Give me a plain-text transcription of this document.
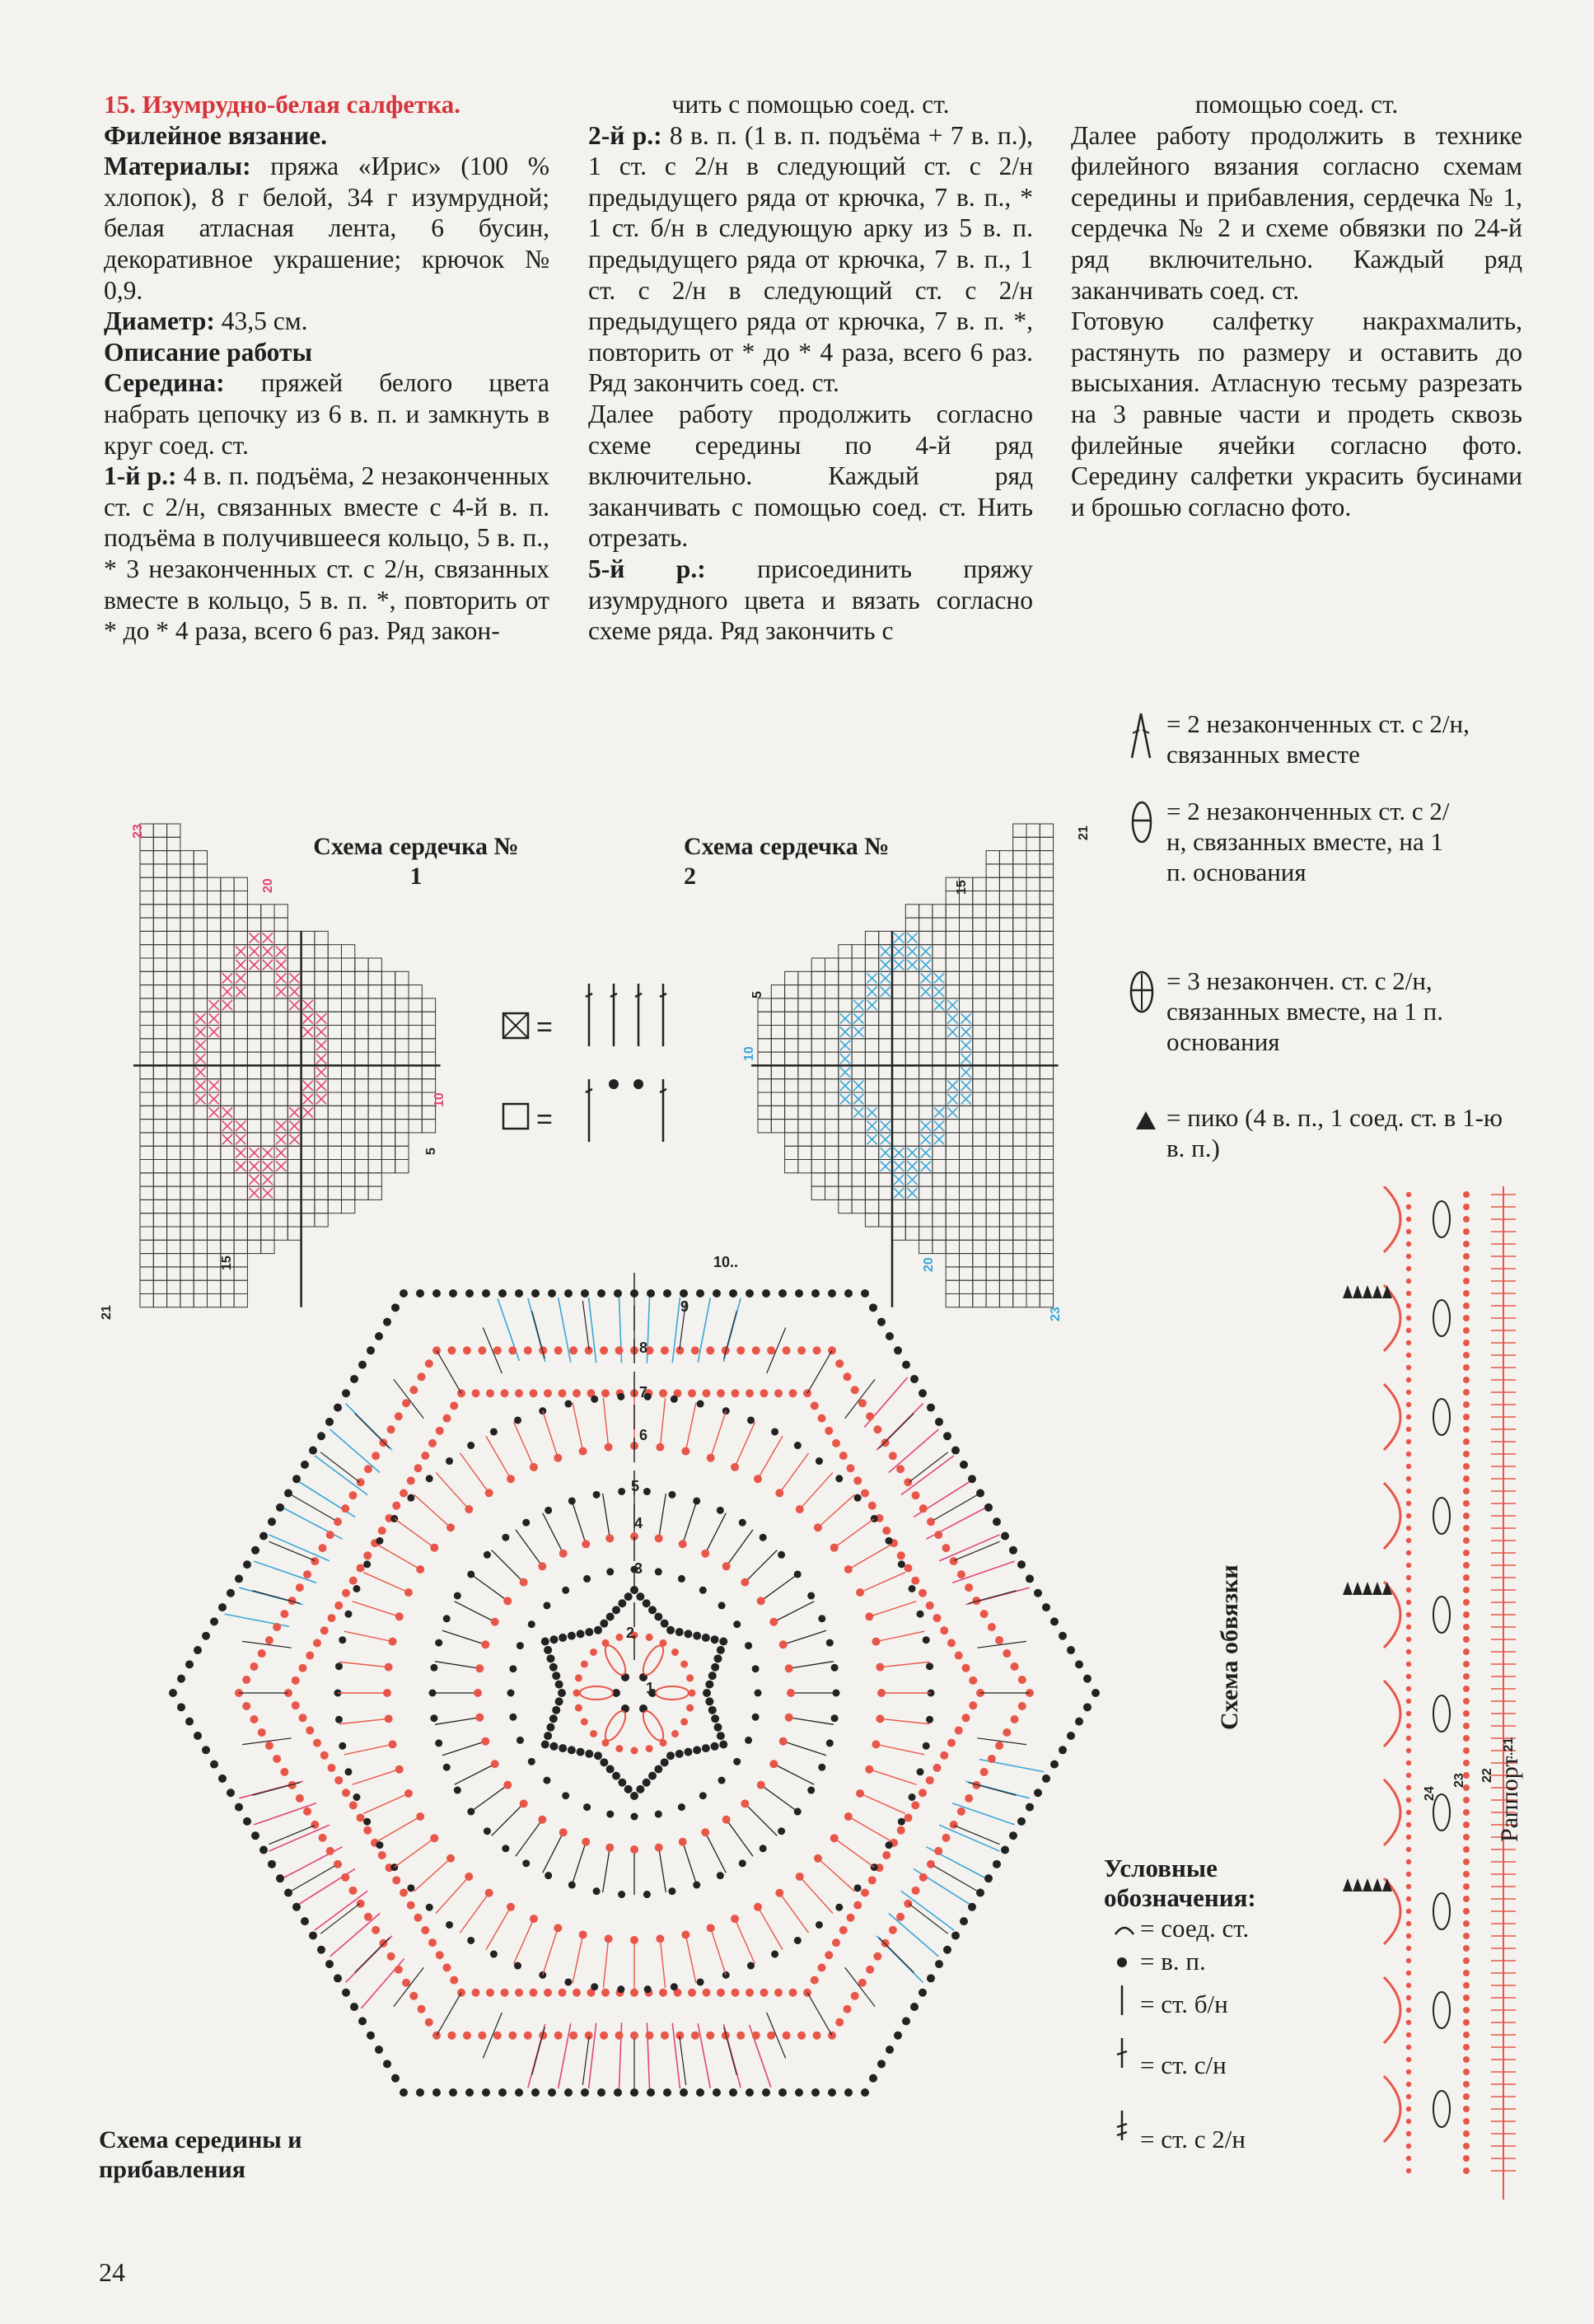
15. Изумрудно-белая салфетка.

Филейное вязание.

Материалы: пряжа «Ирис» (100 % хлопок), 8 г белой, 34 г изумрудной; белая атласная лента, 6 бусин, декоративное украшение; крючок № 0,9.

Диаметр: 43,5 см.

Описание работы

Середина: пряжей белого цвета набрать цепочку из 6 в. п. и замкнуть в круг соед. ст.

1-й р.: 4 в. п. подъёма, 2 незаконченных ст. с 2/н, связанных вместе с 4-й в. п. подъёма в получившееся кольцо, 5 в. п., * 3 незаконченных ст. с 2/н, связанных вместе в кольцо, 5 в. п. *, повторить от * до * 4 раза, всего 6 раз. Ряд закон-

чить с помощью соед. ст.

2-й р.: 8 в. п. (1 в. п. подъёма + 7 в. п.), 1 ст. с 2/н в следующий ст. с 2/н предыдущего ряда от крючка, 7 в. п., * 1 ст. б/н в следующую арку из 5 в. п. предыдущего ряда от крючка, 7 в. п., 1 ст. с 2/н в следующий ст. с 2/н предыдущего ряда от крючка, 7 в. п. *, повторить от * до * 4 раза, всего 6 раз. Ряд закончить соед. ст.

Далее работу продолжить согласно схеме середины по 4-й ряд включительно. Каждый ряд заканчивать с помощью соед. ст. Нить отрезать.

5-й р.: присоединить пряжу изумрудного цвета и вязать согласно схеме ряда. Ряд закончить с

помощью соед. ст.

Далее работу продолжить в технике филейного вязания согласно схемам середины и прибавления, сердечка № 1, сердечка № 2 и схеме обвязки по 24-й ряд включительно. Каждый ряд заканчивать соед. ст.

Готовую салфетку накрахмалить, растянуть по размеру и оставить до высыхания. Атласную тесьму разрезать на 3 равные части и продеть сквозь филейные ячейки согласно фото. Середину салфетки украсить бусинами и брошью согласно фото.

= 2 незаконченных ст. с 2/н, связанных вместе
= 2 незаконченных ст. с 2/н, связанных вместе, на 1 п. основания
= 3 незакончен. ст. с 2/н, связанных вместе, на 1 п. основания
= пико (4 в. п., 1 соед. ст. в 1-ю в. п.)
Схема сердечка № 1
Схема сердечка № 2
23
20
15
10
5
21
21
15
10
5
20
23
=
=
1
2
3
4
5
6
7
8
9
10..
Схема середины и прибавления
24
23 22
...21
Схема обвязки
Раппорт
Условные обозначения:
= соед. ст.
= в. п.
= ст. б/н
= ст. с/н
= ст. с 2/н
24
